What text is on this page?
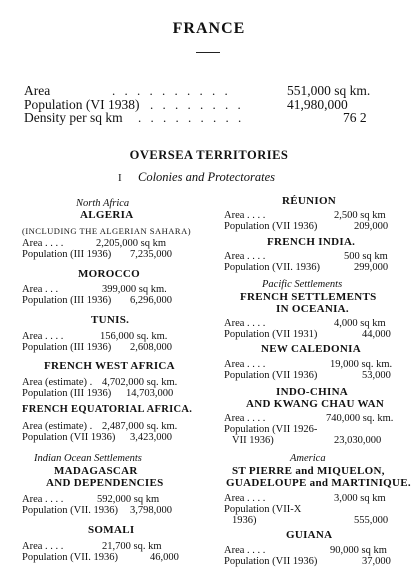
FRANCE
Area	. . . . . . . . . .	551,000 sq km.
Population (VI 1938) . . . . . . . .	41,980,000
Density per sq km . . . . . . . . .	76 2
OVERSEA TERRITORIES
I Colonies and Protectorates
North Africa
ALGERIA
(INCLUDING THE ALGERIAN SAHARA)
Area . . . .	2,205,000 sq km
Population (III 1936) 7,235,000
MOROCCO
Area . . .	399,000 sq km.
Population (III 1936) 6,296,000
TUNIS.
Area . . . .	156,000 sq. km.
Population (III 1936) 2,608,000
FRENCH WEST AFRICA
Area (estimate) . 4,702,000 sq. km.
Population (III 1936) 14,703,000
FRENCH EQUATORIAL AFRICA.
Area (estimate) . 2,487,000 sq. km.
Population (VII 1936) 3,423,000
Indian Ocean Settlements
MADAGASCAR
AND DEPENDENCIES
Area . . . .	592,000 sq km
Population (VII. 1936) 3,798,000
SOMALI
Area . . . .	21,700 sq. km
Population (VII. 1936)	46,000
RÉUNION
Area . . . .	2,500 sq km
Population (VII 1936)	209,000
FRENCH INDIA.
Area . . . .	500 sq km
Population (VII. 1936)	299,000
Pacific Settlements
FRENCH SETTLEMENTS
IN OCEANIA.
Area . . . .	4,000 sq km
Population (VII 1931)	44,000
NEW CALEDONIA
Area . . . .	19,000 sq. km.
Population (VII 1936)	53,000
INDO-CHINA
AND KWANG CHAU WAN
Area . . . .	740,000 sq. km.
Population (VII 1926-
VII 1936)	23,030,000
America
ST PIERRE and MIQUELON,
GUADELOUPE and MARTINIQUE.
Area . . . .	3,000 sq km
Population (VII-X
1936)	555,000
GUIANA
Area . . . .	90,000 sq km
Population (VII 1936)	37,000
